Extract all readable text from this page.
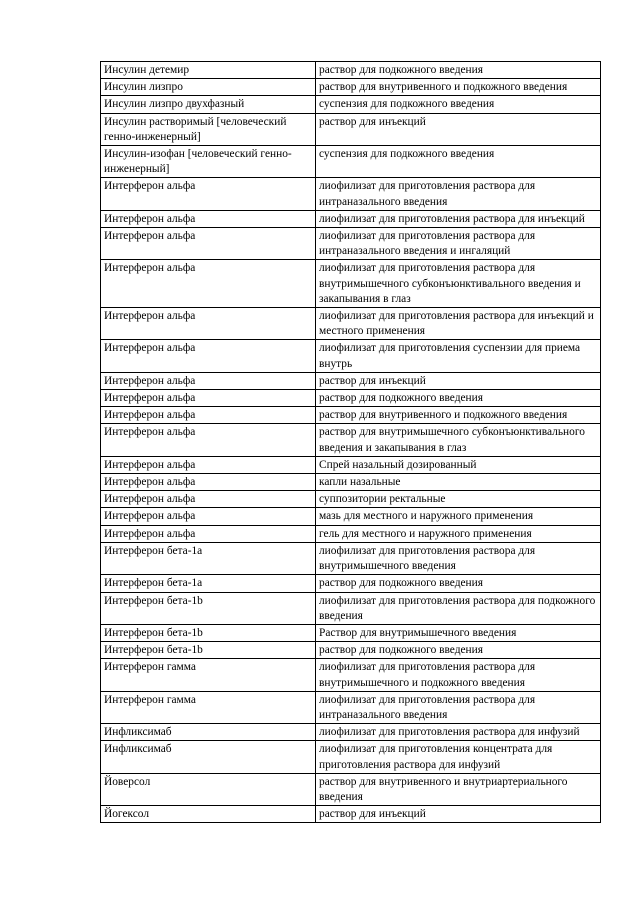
Инсулин детемир	раствор для подкожного введения
Инсулин лизпро	раствор для внутривенного и подкожного введения
Инсулин лизпро двухфазный	суспензия для подкожного введения
Инсулин растворимый [человеческий генно-инженерный]	раствор для инъекций
Инсулин-изофан [человеческий генно-инженерный]	суспензия для подкожного введения
Интерферон альфа	лиофилизат для приготовления раствора для интраназального введения
Интерферон альфа	лиофилизат для приготовления раствора для инъекций
Интерферон альфа	лиофилизат для приготовления раствора для интраназального введения и ингаляций
Интерферон альфа	лиофилизат для приготовления раствора для внутримышечного субконъюнктивального введения и закапывания в глаз
Интерферон альфа	лиофилизат для приготовления раствора для инъекций и местного применения
Интерферон альфа	лиофилизат для приготовления суспензии для приема внутрь
Интерферон альфа	раствор для инъекций
Интерферон альфа	раствор для подкожного введения
Интерферон альфа	раствор для внутривенного и подкожного введения
Интерферон альфа	раствор для внутримышечного субконъюнктивального введения и закапывания в глаз
Интерферон альфа	Спрей назальный дозированный
Интерферон альфа	капли назальные
Интерферон альфа	суппозитории ректальные
Интерферон альфа	мазь для местного и наружного применения
Интерферон альфа	гель для местного и наружного применения
Интерферон бета-1a	лиофилизат для приготовления раствора для внутримышечного введения
Интерферон бета-1a	раствор для подкожного введения
Интерферон бета-1b	лиофилизат для приготовления раствора для подкожного введения
Интерферон бета-1b	Раствор для внутримышечного введения
Интерферон бета-1b	раствор для подкожного введения
Интерферон гамма	лиофилизат для приготовления раствора для внутримышечного и подкожного введения
Интерферон гамма	лиофилизат для приготовления раствора для интраназального введения
Инфликсимаб	лиофилизат для приготовления раствора для инфузий
Инфликсимаб	лиофилизат для приготовления концентрата для приготовления раствора для инфузий
Йоверсол	раствор для внутривенного и внутриартериального введения
Йогексол	раствор для инъекций
